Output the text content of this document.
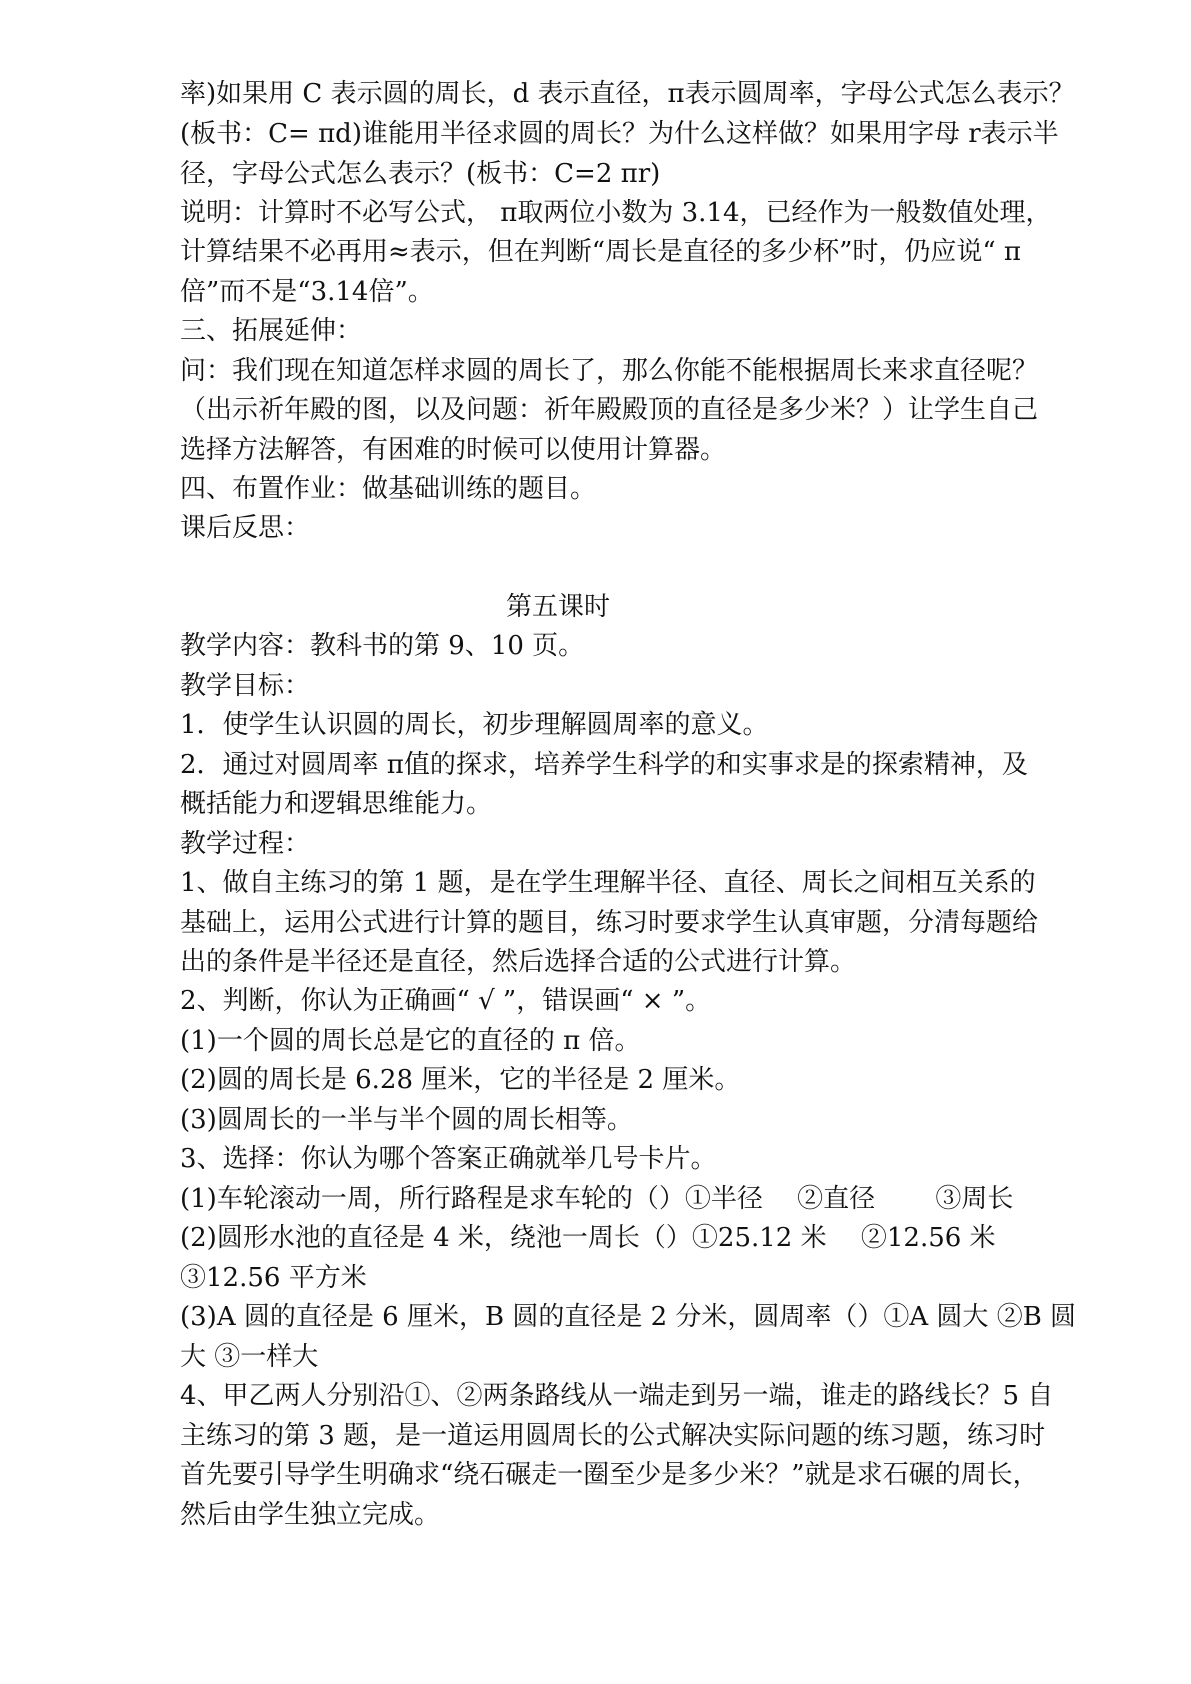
率)如果用 C 表示圆的周长，d 表示直径，π表示圆周率，字母公式怎么表示？
(板书：C= πd)谁能用半径求圆的周长？为什么这样做？如果用字母 r表示半
径，字母公式怎么表示？(板书：C=2 πr)
说明：计算时不必写公式， π取两位小数为 3.14，已经作为一般数值处理，
计算结果不必再用≈表示，但在判断“周长是直径的多少杯”时，仍应说“ π
倍”而不是“3.14倍”。
三、拓展延伸：
问：我们现在知道怎样求圆的周长了，那么你能不能根据周长来求直径呢？
（出示祈年殿的图，以及问题：祈年殿殿顶的直径是多少米？）让学生自己
选择方法解答，有困难的时候可以使用计算器。
四、布置作业：做基础训练的题目。
课后反思：
第五课时
教学内容：教科书的第 9、10 页。
教学目标：
1．使学生认识圆的周长，初步理解圆周率的意义。
2．通过对圆周率 π值的探求，培养学生科学的和实事求是的探索精神，及
概括能力和逻辑思维能力。
教学过程：
1、做自主练习的第 1 题，是在学生理解半径、直径、周长之间相互关系的
基础上，运用公式进行计算的题目，练习时要求学生认真审题，分清每题给
出的条件是半径还是直径，然后选择合适的公式进行计算。
2、判断，你认为正确画“ √ ”，错误画“ × ”。
(1)一个圆的周长总是它的直径的 π 倍。
(2)圆的周长是 6.28 厘米，它的半径是 2 厘米。
(3)圆周长的一半与半个圆的周长相等。
3、选择：你认为哪个答案正确就举几号卡片。
(1)车轮滚动一周，所行路程是求车轮的（）①半径　 ②直径　 　③周长
(2)圆形水池的直径是 4 米，绕池一周长（）①25.12 米　 ②12.56 米
③12.56 平方米
(3)A 圆的直径是 6 厘米，B 圆的直径是 2 分米，圆周率（）①A 圆大 ②B 圆
大 ③一样大
4、甲乙两人分别沿①、②两条路线从一端走到另一端，谁走的路线长？5 自
主练习的第 3 题，是一道运用圆周长的公式解决实际问题的练习题，练习时
首先要引导学生明确求“绕石碾走一圈至少是多少米？”就是求石碾的周长，
然后由学生独立完成。
